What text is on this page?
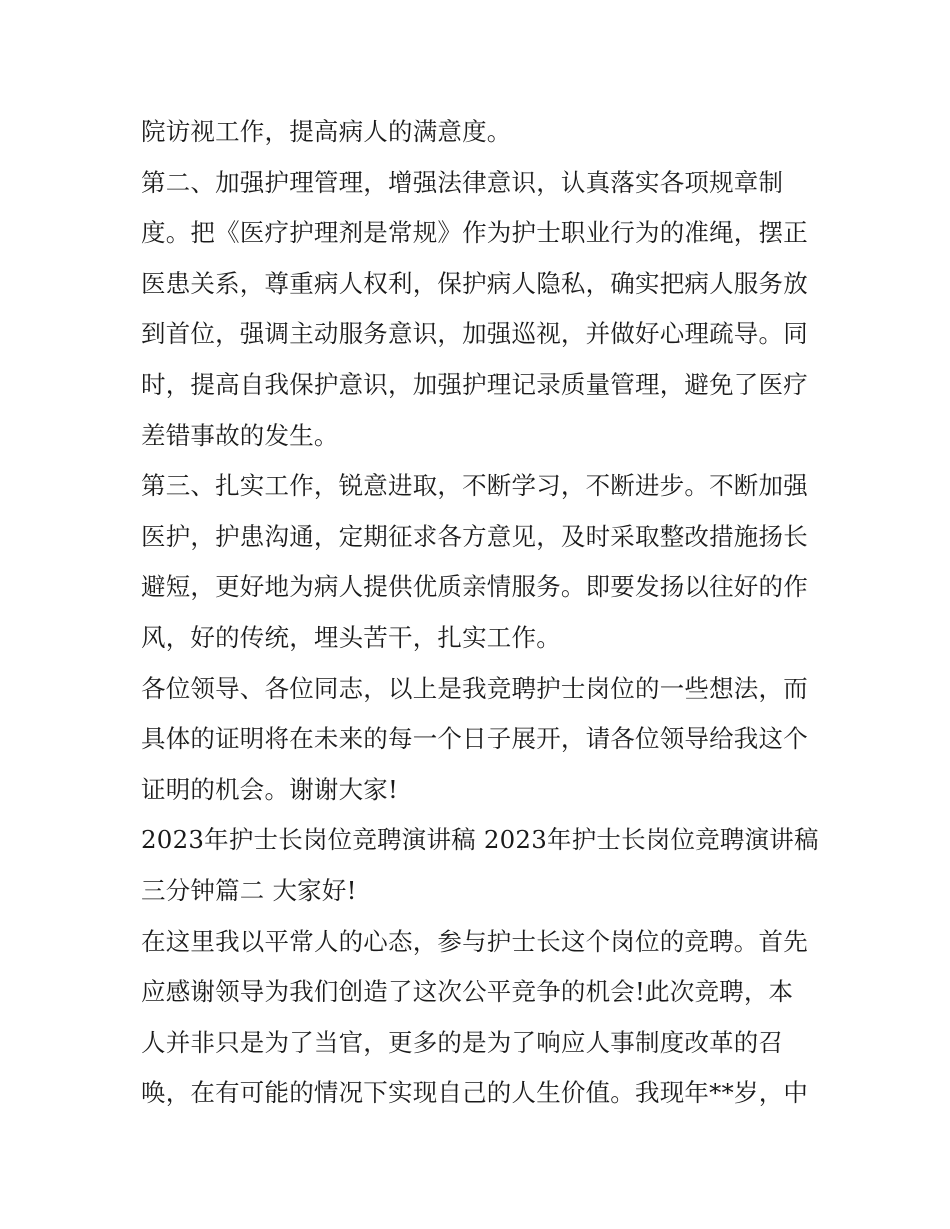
院访视工作，提高病人的满意度。
第二、加强护理管理，增强法律意识，认真落实各项规章制
度。把《医疗护理剂是常规》作为护士职业行为的准绳，摆正
医患关系，尊重病人权利，保护病人隐私，确实把病人服务放
到首位，强调主动服务意识，加强巡视，并做好心理疏导。同
时，提高自我保护意识，加强护理记录质量管理，避免了医疗
差错事故的发生。
第三、扎实工作，锐意进取，不断学习，不断进步。不断加强
医护，护患沟通，定期征求各方意见，及时采取整改措施扬长
避短，更好地为病人提供优质亲情服务。即要发扬以往好的作
风，好的传统，埋头苦干，扎实工作。
各位领导、各位同志，以上是我竞聘护士岗位的一些想法，而
具体的证明将在未来的每一个日子展开，请各位领导给我这个
证明的机会。谢谢大家!
2023年护士长岗位竞聘演讲稿 2023年护士长岗位竞聘演讲稿
三分钟篇二 大家好!
在这里我以平常人的心态，参与护士长这个岗位的竞聘。首先
应感谢领导为我们创造了这次公平竞争的机会!此次竞聘，本
人并非只是为了当官，更多的是为了响应人事制度改革的召
唤，在有可能的情况下实现自己的人生价值。我现年**岁，中
